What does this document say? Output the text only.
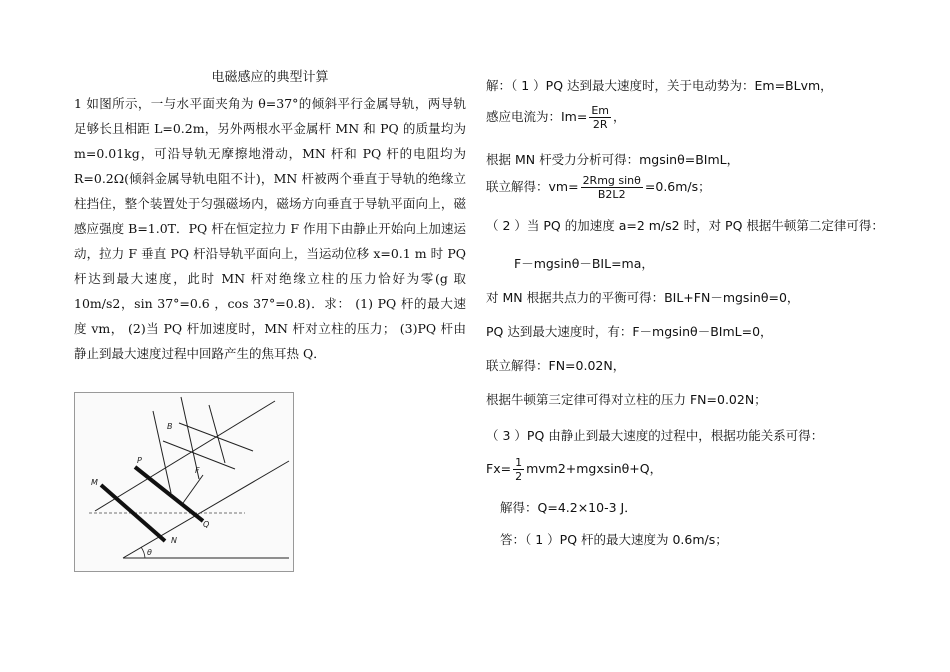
电磁感应的典型计算

1 如图所示，一与水平面夹角为 θ=37°的倾斜平行金属导轨，两导轨足够长且相距 L=0.2m，另外两根水平金属杆 MN 和 PQ 的质量均为 m=0.01kg，可沿导轨无摩擦地滑动，MN 杆和 PQ 杆的电阻均为 R=0.2Ω(倾斜金属导轨电阻不计)，MN 杆被两个垂直于导轨的绝缘立柱挡住，整个装置处于匀强磁场内，磁场方向垂直于导轨平面向上，磁感应强度 B=1.0T．PQ 杆在恒定拉力 F 作用下由静止开始向上加速运动，拉力 F 垂直 PQ 杆沿导轨平面向上，当运动位移 x=0.1 m 时 PQ 杆达到最大速度，此时 MN 杆对绝缘立柱的压力恰好为零(g 取 10m/s2，sin 37°=0.6 ，cos 37°=0.8)．求： (1) PQ 杆的最大速度 vm， (2)当 PQ 杆加速度时，MN 杆对立柱的压力； (3)PQ 杆由静止到最大速度过程中回路产生的焦耳热 Q．

B
P
F
M
Q
N
θ

解：（ 1 ）PQ 达到最大速度时，关于电动势为：Em=BLvm，

感应电流为：$Im= \frac{Em}{2R}$ ，

根据 MN 杆受力分析可得：mgsinθ=BImL，

联立解得：$vm= \frac{\text{2Rmg sinθ}}{B2L2} =0.6m/s$；

（ 2 ）当 PQ 的加速度 a=2 m/s2 时，对 PQ 根据牛顿第二定律可得：

F－mgsinθ－BIL=ma，

对 MN 根据共点力的平衡可得：BIL+FN－mgsinθ=0，

PQ 达到最大速度时，有：F－mgsinθ－BImL=0，

联立解得：FN=0.02N，

根据牛顿第三定律可得对立柱的压力 FN=0.02N；

（ 3 ）PQ 由静止到最大速度的过程中，根据功能关系可得：

$Fx= \frac{1}{2} mvm2+mgxsin\theta+Q$，

解得：Q=4.2×10-3 J．

答：（ 1 ）PQ 杆的最大速度为 0.6m/s；
